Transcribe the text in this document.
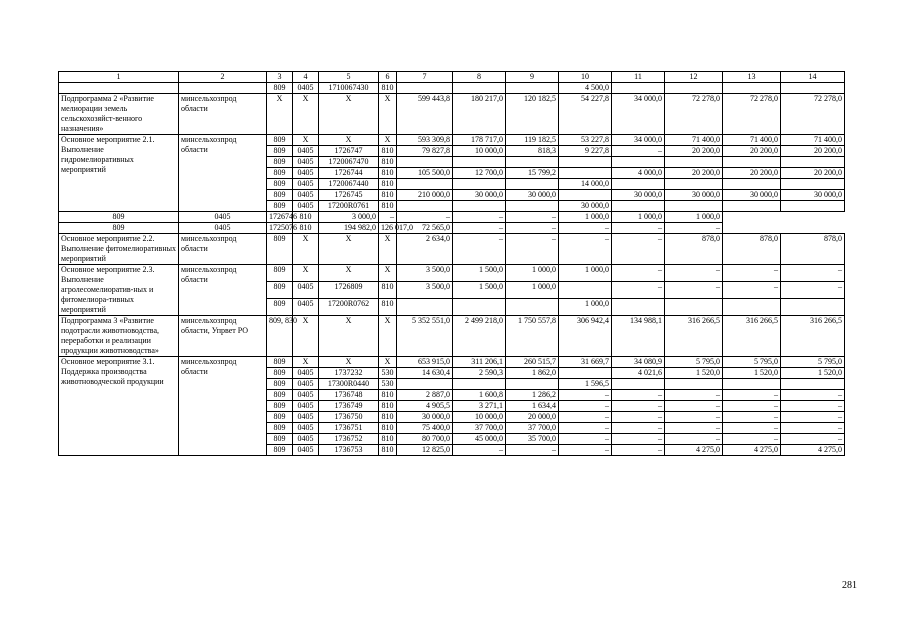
1	2	3	4	5	6	7	8	9	10	11	12	13	14
		809	0405	1710067430	810				4 500,0				
Подпрограмма 2 «Развитие мелиорации земель сельскохозяйст-венного назначения»	минсельхозпрод области	X	X	X	X	599 443,8	180 217,0	120 182,5	54 227,8	34 000,0	72 278,0	72 278,0	72 278,0
Основное мероприятие 2.1. Выполнение гидромелиоративных мероприятий	минсельхозпрод области	809	X	X	X	593 309,8	178 717,0	119 182,5	53 227,8	34 000,0	71 400,0	71 400,0	71 400,0
		809	0405	1726747	810	79 827,8	10 000,0	818,3	9 227,8	–	20 200,0	20 200,0	20 200,0
		809	0405	1720067470	810								
		809	0405	1726744	810	105 500,0	12 700,0	15 799,2		4 000,0	20 200,0	20 200,0	20 200,0
		809	0405	1720067440	810				14 000,0				
		809	0405	1726745	810	210 000,0	30 000,0	30 000,0		30 000,0	30 000,0	30 000,0	30 000,0
		809	0405	17200R0761	810				30 000,0				
809	0405	1726746	810	3 000,0	–	–	–	–	1 000,0	1 000,0	1 000,0		
809	0405	1725076	810	194 982,0	126 017,0	72 565,0	–	–	–	–	–		
Основное мероприятие 2.2. Выполнение фитомелиоративных мероприятий	минсельхозпрод области	809	X	X	X	2 634,0	–	–	–	–	878,0	878,0	878,0
Основное мероприятие 2.3. Выполнение агролесомелиоратив-ных и фитомелиора-тивных мероприятий	минсельхозпрод области	809	X	X	X	3 500,0	1 500,0	1 000,0	1 000,0	–	–	–	–
		809	0405	1726809	810	3 500,0	1 500,0	1 000,0		–	–	–	–
		809	0405	17200R0762	810				1 000,0				
Подпрограмма 3 «Развитие подотрасли животноводства, переработки и реализации продукции животноводства»	минсельхозпрод области, Упрвет РО	809, 830	X	X	X	5 352 551,0	2 499 218,0	1 750 557,8	306 942,4	134 988,1	316 266,5	316 266,5	316 266,5
Основное мероприятие 3.1. Поддержка производства животноводческой продукции	минсельхозпрод области	809	X	X	X	653 915,0	311 206,1	260 515,7	31 669,7	34 080,9	5 795,0	5 795,0	5 795,0
		809	0405	1737232	530	14 630,4	2 590,3	1 862,0		4 021,6	1 520,0	1 520,0	1 520,0
		809	0405	17300R0440	530				1 596,5				
		809	0405	1736748	810	2 887,0	1 600,8	1 286,2	–	–	–	–	–
		809	0405	1736749	810	4 905,5	3 271,1	1 634,4	–	–	–	–	–
		809	0405	1736750	810	30 000,0	10 000,0	20 000,0	–	–	–	–	–
		809	0405	1736751	810	75 400,0	37 700,0	37 700,0	–	–	–	–	–
		809	0405	1736752	810	80 700,0	45 000,0	35 700,0	–	–	–	–	–
		809	0405	1736753	810	12 825,0	–	–	–	–	4 275,0	4 275,0	4 275,0
281
